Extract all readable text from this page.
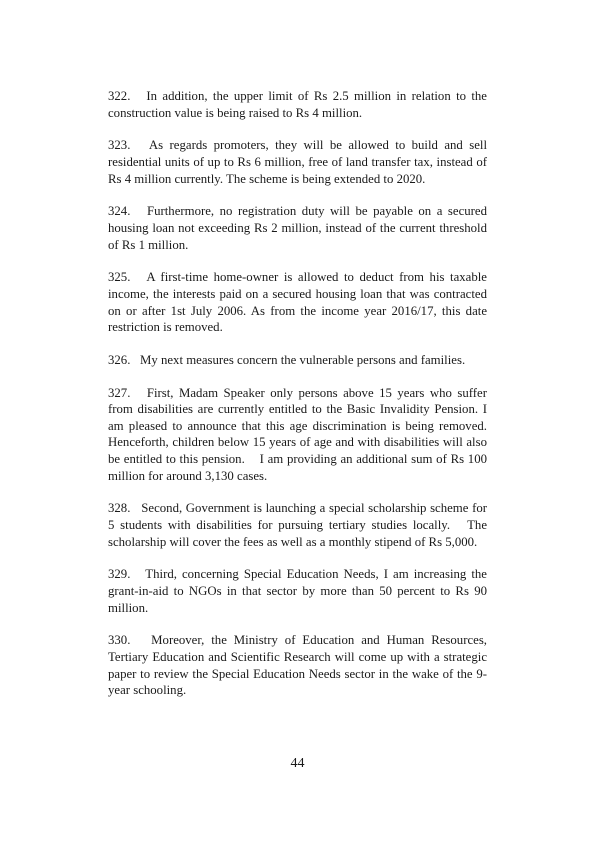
322.   In addition, the upper limit of Rs 2.5 million in relation to the construction value is being raised to Rs 4 million.

323.   As regards promoters, they will be allowed to build and sell residential units of up to Rs 6 million, free of land transfer tax, instead of Rs 4 million currently. The scheme is being extended to 2020.

324.   Furthermore, no registration duty will be payable on a secured housing loan not exceeding Rs 2 million, instead of the current threshold of Rs 1 million.

325.   A first-time home-owner is allowed to deduct from his taxable income, the interests paid on a secured housing loan that was contracted on or after 1st July 2006. As from the income year 2016/17, this date restriction is removed.

326.   My next measures concern the vulnerable persons and families.

327.   First, Madam Speaker only persons above 15 years who suffer from disabilities are currently entitled to the Basic Invalidity Pension. I am pleased to announce that this age discrimination is being removed. Henceforth, children below 15 years of age and with disabilities will also be entitled to this pension.    I am providing an additional sum of Rs 100 million for around 3,130 cases.

328.   Second, Government is launching a special scholarship scheme for 5 students with disabilities for pursuing tertiary studies locally.   The scholarship will cover the fees as well as a monthly stipend of Rs 5,000.

329.   Third, concerning Special Education Needs, I am increasing the grant-in-aid to NGOs in that sector by more than 50 percent to Rs 90 million.

330.   Moreover, the Ministry of Education and Human Resources, Tertiary Education and Scientific Research will come up with a strategic paper to review the Special Education Needs sector in the wake of the 9-year schooling.

44
